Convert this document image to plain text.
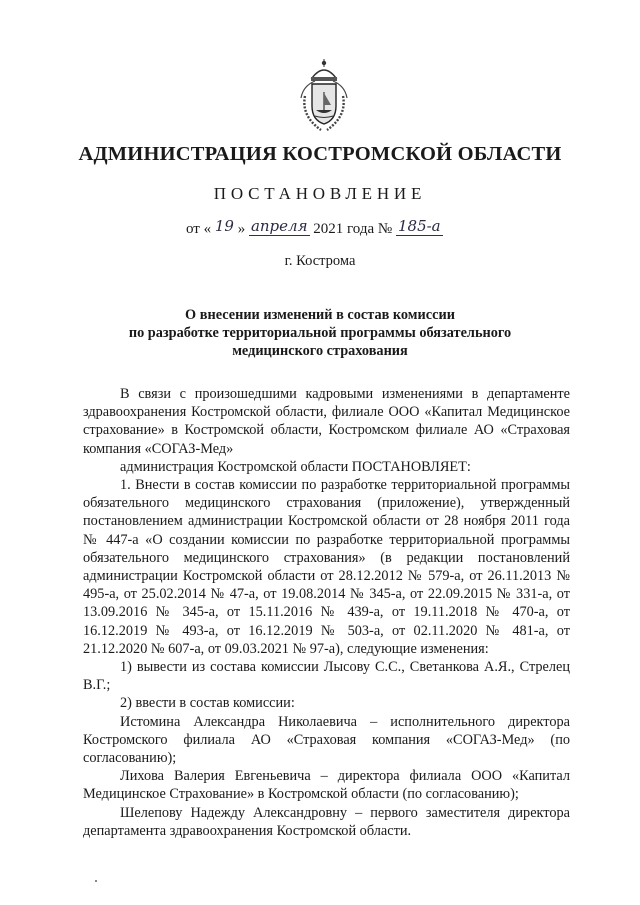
АДМИНИСТРАЦИЯ КОСТРОМСКОЙ ОБЛАСТИ
ПОСТАНОВЛЕНИЕ
от « 19 » апреля 2021 года № 185-а
г. Кострома
О внесении изменений в состав комиссии
по разработке территориальной программы обязательного
медицинского страхования

В связи с произошедшими кадровыми изменениями в департаменте здравоохранения Костромской области, филиале ООО «Капитал Медицинское страхование» в Костромской области, Костромском филиале АО «Страховая компания «СОГАЗ-Мед»

администрация Костромской области ПОСТАНОВЛЯЕТ:

1. Внести в состав комиссии по разработке территориальной программы обязательного медицинского страхования (приложение), утвержденный постановлением администрации Костромской области от 28 ноября 2011 года № 447-а «О создании комиссии по разработке территориальной программы обязательного медицинского страхования» (в редакции постановлений администрации Костромской области от 28.12.2012 № 579-а, от 26.11.2013 № 495-а, от 25.02.2014 № 47-а, от 19.08.2014 № 345-а, от 22.09.2015 № 331-а, от 13.09.2016 № 345-а, от 15.11.2016 № 439-а, от 19.11.2018 № 470-а, от 16.12.2019 № 493-а, от 16.12.2019 № 503-а, от 02.11.2020 № 481-а, от 21.12.2020 № 607-а, от 09.03.2021 № 97-а), следующие изменения:

1) вывести из состава комиссии Лысову С.С., Светанкова А.Я., Стрелец В.Г.;

2) ввести в состав комиссии:

Истомина Александра Николаевича – исполнительного директора Костромского филиала АО «Страховая компания «СОГАЗ-Мед» (по согласованию);

Лихова Валерия Евгеньевича – директора филиала ООО «Капитал Медицинское Страхование» в Костромской области (по согласованию);

Шелепову Надежду Александровну – первого заместителя директора департамента здравоохранения Костромской области.
